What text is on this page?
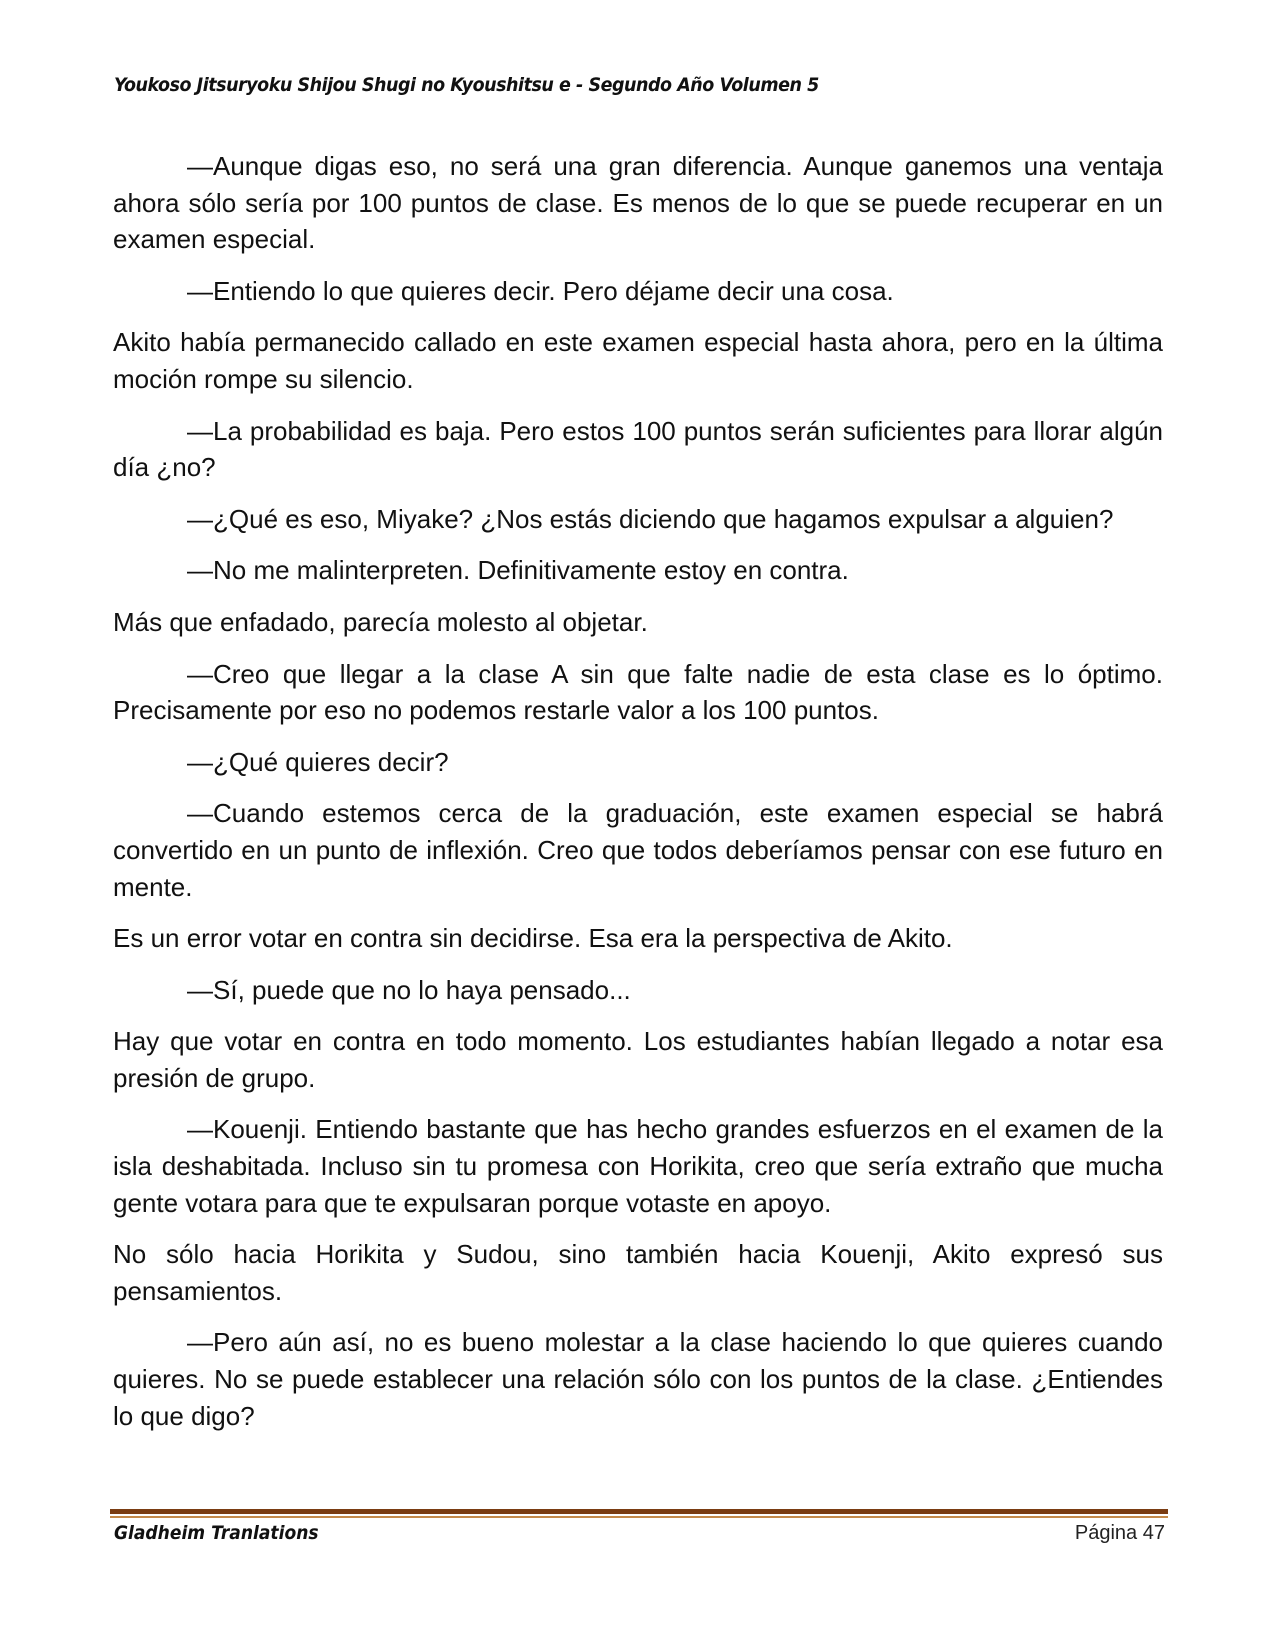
Youkoso Jitsuryoku Shijou Shugi no Kyoushitsu e - Segundo Año Volumen 5

—Aunque digas eso, no será una gran diferencia. Aunque ganemos una ventaja ahora sólo sería por 100 puntos de clase. Es menos de lo que se puede recuperar en un examen especial.

—Entiendo lo que quieres decir. Pero déjame decir una cosa.

Akito había permanecido callado en este examen especial hasta ahora, pero en la última moción rompe su silencio.

—La probabilidad es baja. Pero estos 100 puntos serán suficientes para llorar algún día ¿no?

—¿Qué es eso, Miyake? ¿Nos estás diciendo que hagamos expulsar a alguien?

—No me malinterpreten. Definitivamente estoy en contra.

Más que enfadado, parecía molesto al objetar.

—Creo que llegar a la clase A sin que falte nadie de esta clase es lo óptimo. Precisamente por eso no podemos restarle valor a los 100 puntos.

—¿Qué quieres decir?

—Cuando estemos cerca de la graduación, este examen especial se habrá convertido en un punto de inflexión. Creo que todos deberíamos pensar con ese futuro en mente.

Es un error votar en contra sin decidirse. Esa era la perspectiva de Akito.

—Sí, puede que no lo haya pensado...

Hay que votar en contra en todo momento. Los estudiantes habían llegado a notar esa presión de grupo.

—Kouenji. Entiendo bastante que has hecho grandes esfuerzos en el examen de la isla deshabitada. Incluso sin tu promesa con Horikita, creo que sería extraño que mucha gente votara para que te expulsaran porque votaste en apoyo.

No sólo hacia Horikita y Sudou, sino también hacia Kouenji, Akito expresó sus pensamientos.

—Pero aún así, no es bueno molestar a la clase haciendo lo que quieres cuando quieres. No se puede establecer una relación sólo con los puntos de la clase. ¿Entiendes lo que digo?

Gladheim Tranlations	Página 47
